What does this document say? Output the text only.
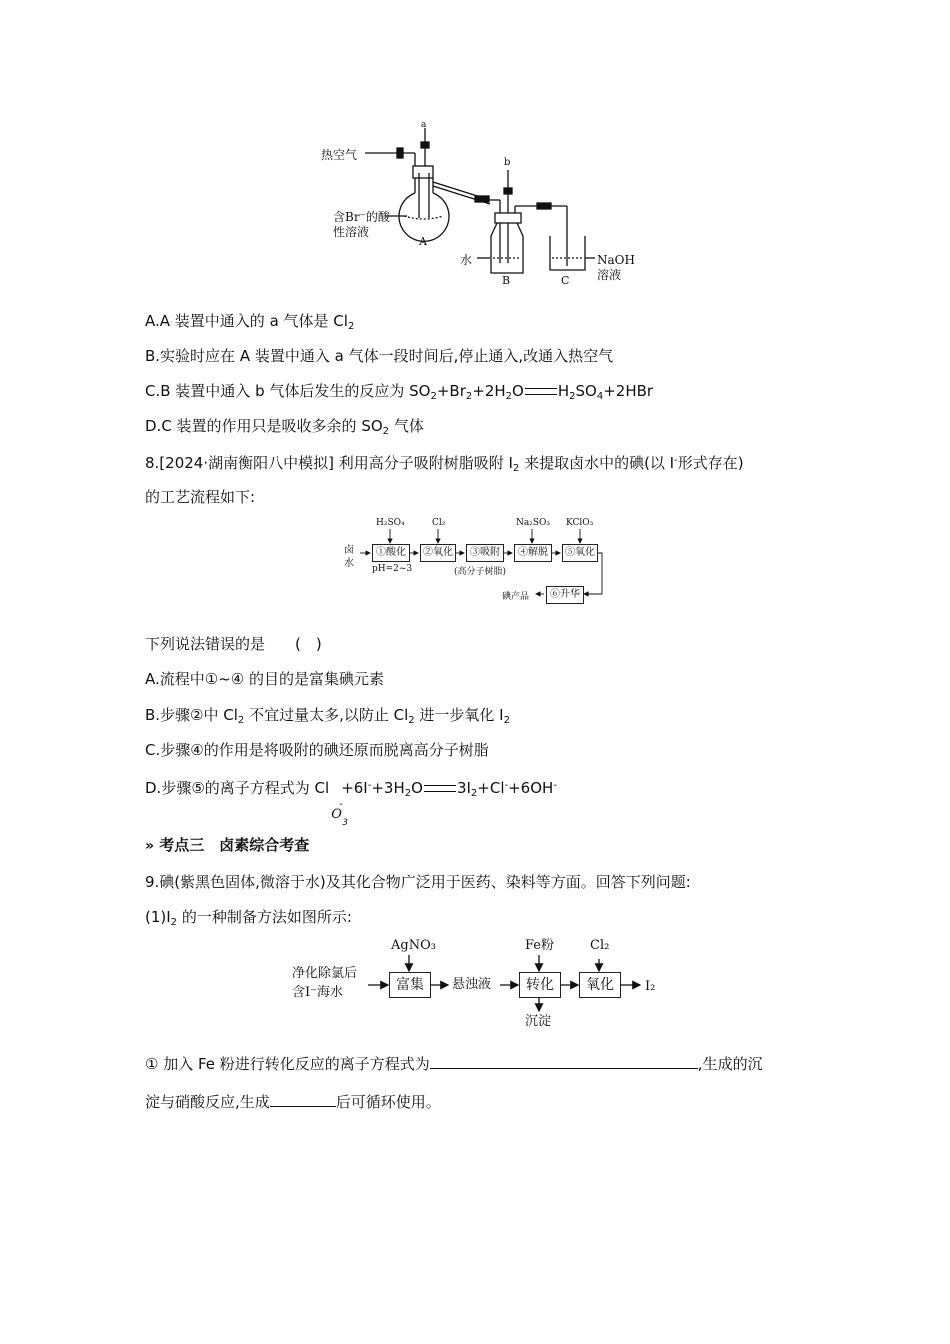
a
b
热空气
含Br⁻的酸
性溶液
A
水
B	C
NaOH
溶液
A.A 装置中通入的 a 气体是 $Cl_2$
B.实验时应在 A 装置中通入 a 气体一段时间后,停止通入,改通入热空气
C.B 装置中通入 b 气体后发生的反应为 $SO_2+Br_2+2H_2O$ $H_2SO_4+2HBr$
D.C 装置的作用只是吸收多余的 $SO_2$ 气体
8.[2024·湖南衡阳八中模拟] 利用高分子吸附树脂吸附 $I_2$ 来提取卤水中的碘(以 I-形式存在)
的工艺流程如下:
卤
水
H₂SO₄	Cl₂	Na₂SO₃ KClO₃
①酸化	②氧化	③吸附	④解脱	⑤氧化
⑥升华
pH=2~3	(高分子树脂)
碘产品
下列说法错误的是 (　)
A.流程中①~④ 的目的是富集碘元素
B.步骤②中 $Cl_2$ 不宜过量太多,以防止 $Cl_2$ 进一步氧化 $I_2$
C.步骤④的作用是将吸附的碘还原而脱离高分子树脂
D.步骤⑤的离子方程式为 Cl
O
3
-
$+6I^-+3H_2O$ $3I_2+Cl^-+6OH^-$
» 考点三　卤素综合考查
9.碘(紫黑色固体,微溶于水)及其化合物广泛用于医药、染料等方面。回答下列问题:
$(1)I_2$ 的一种制备方法如图所示:
净化除氯后
含I⁻海水
AgNO₃
富集	悬浊液
Fe粉
转化
Cl₂
氧化	I₂
沉淀
① 加入 Fe 粉进行转化反应的离子方程式为	,生成的沉
淀与硝酸反应,生成	后可循环使用。
